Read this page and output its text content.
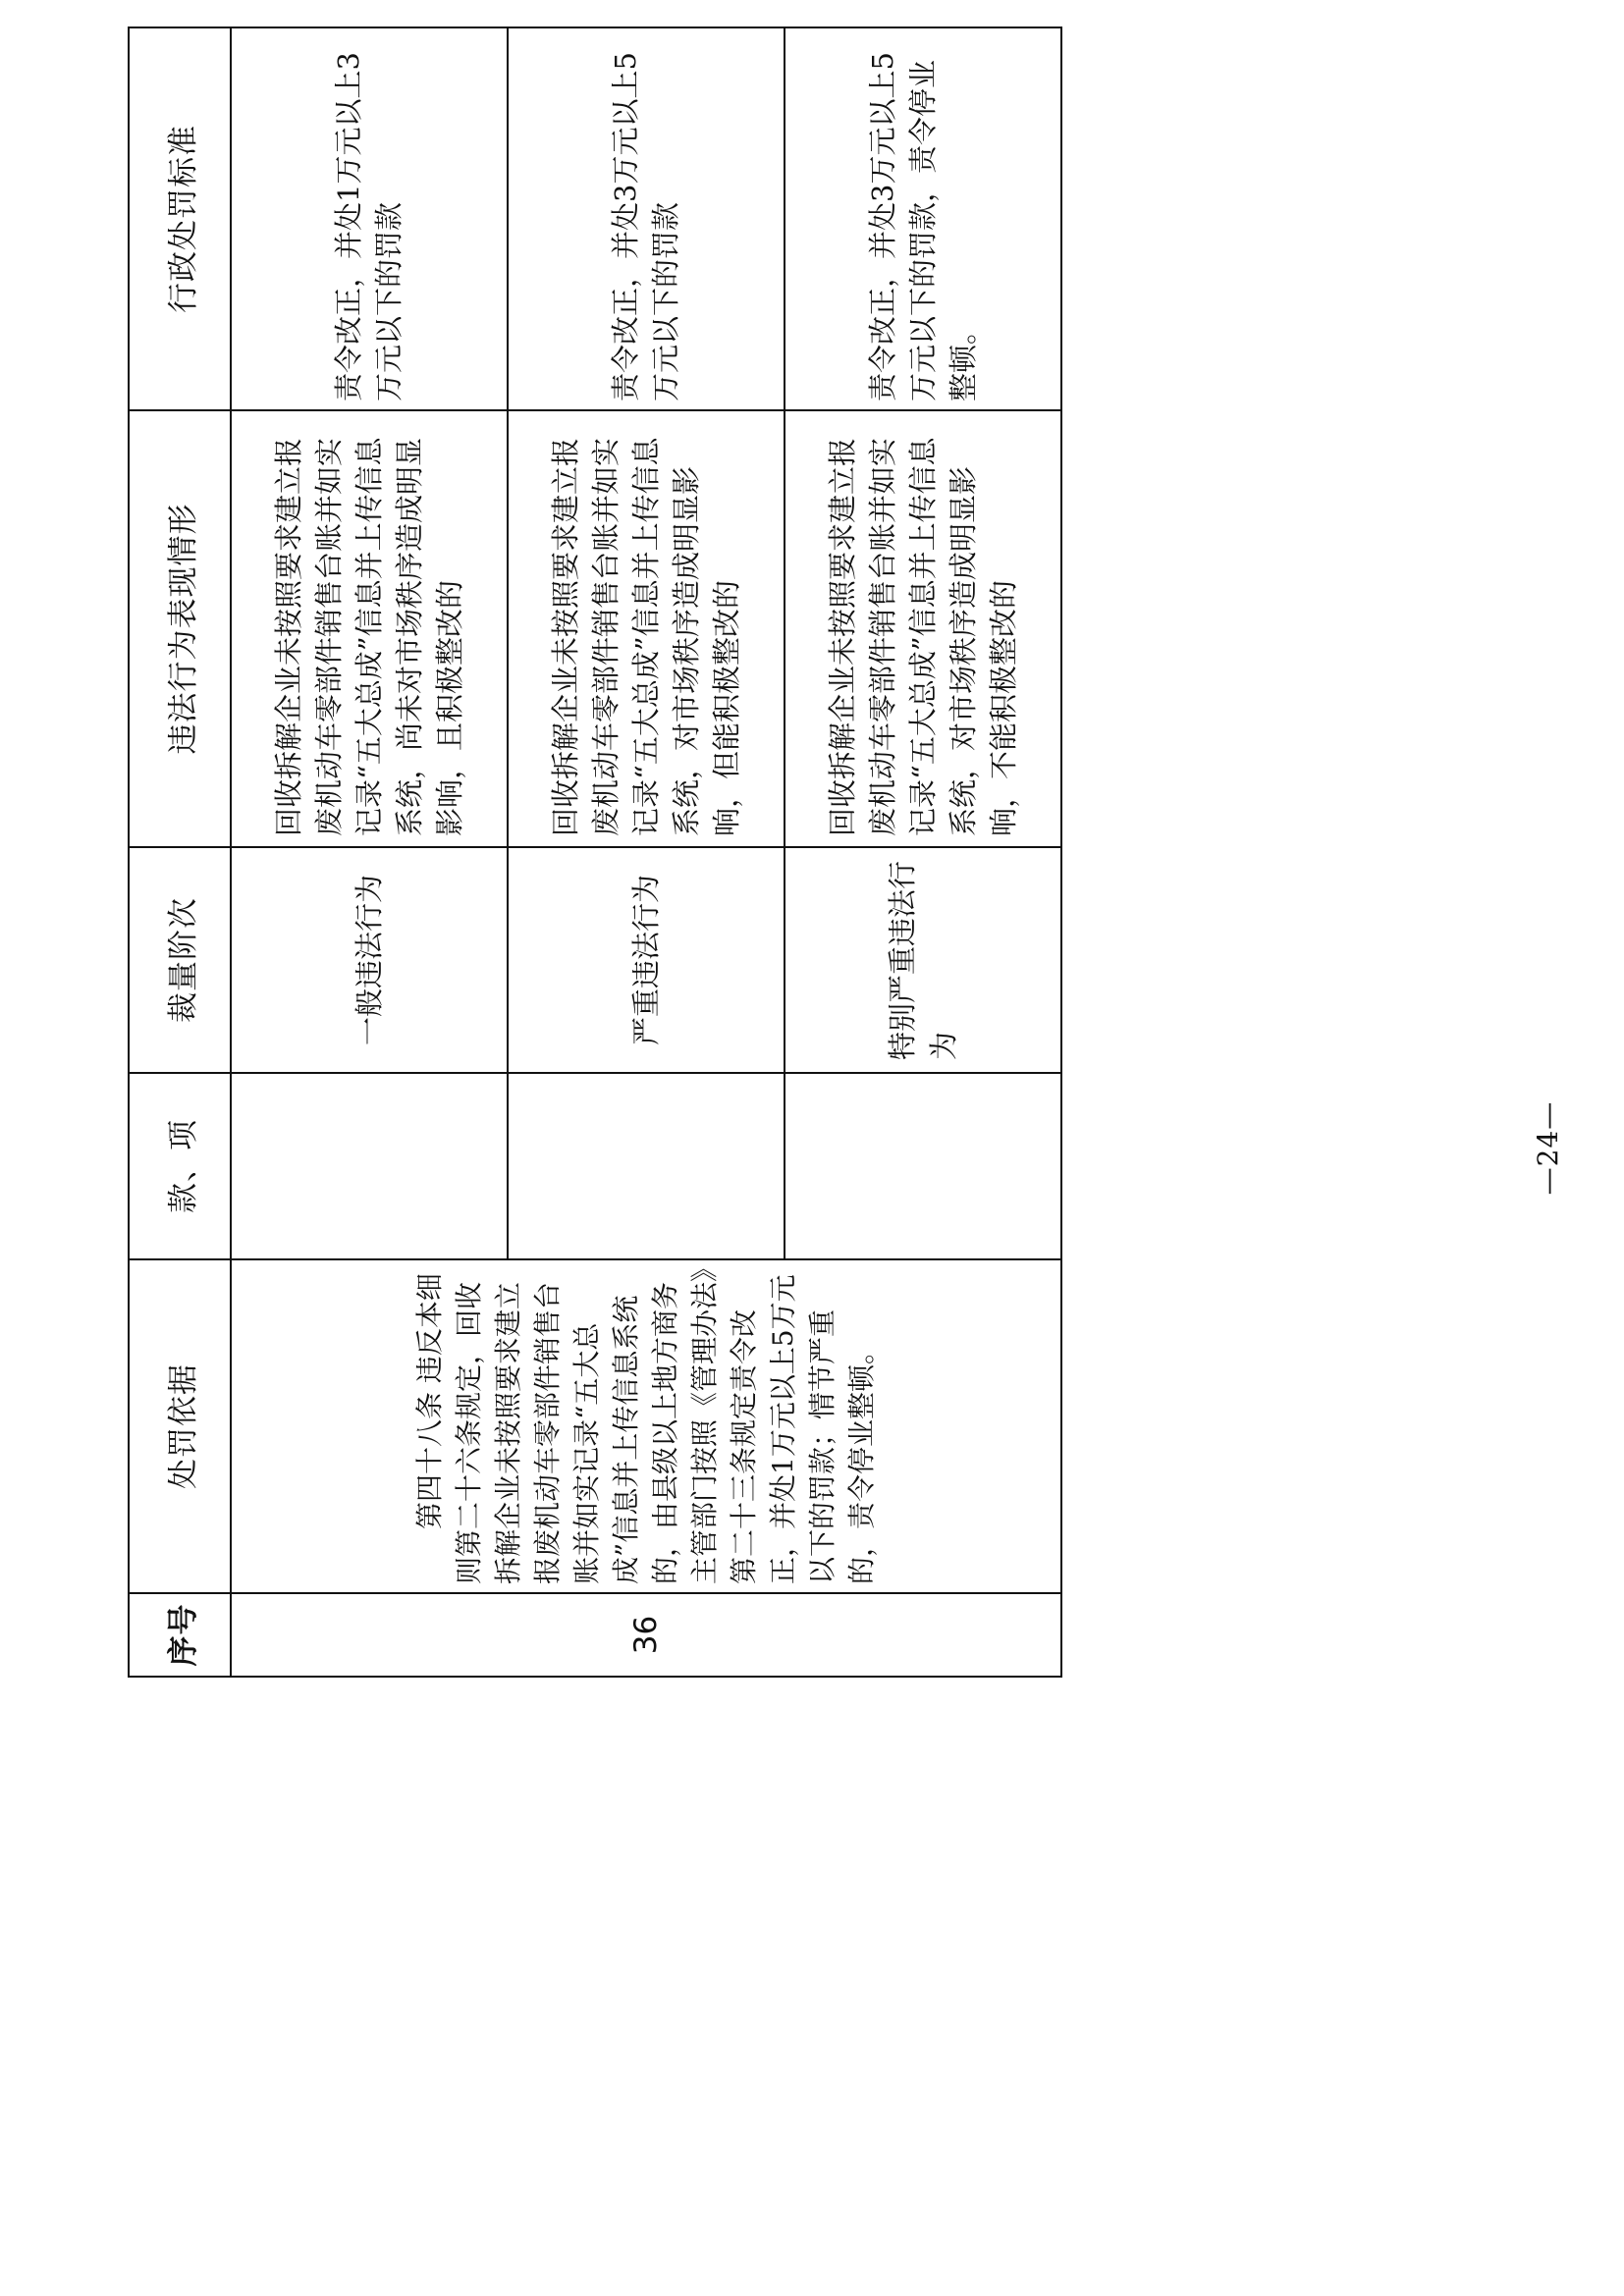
序号	处罚依据	款、项	裁量阶次	违法行为表现情形	行政处罚标准

36	第四十八条 违反本细则第二十六条规定，回收拆解企业未按照要求建立报废机动车零部件销售台账并如实记录“五大总成”信息并上传信息系统的，由县级以上地方商务主管部门按照《管理办法》第二十三条规定责令改正，并处1万元以上5万元以下的罚款；情节严重的，责令停业整顿。		一般违法行为	回收拆解企业未按照要求建立报废机动车零部件销售台账并如实记录“五大总成”信息并上传信息系统，尚未对市场秩序造成明显影响，且积极整改的	责令改正，并处1万元以上3万元以下的罚款

			严重违法行为	回收拆解企业未按照要求建立报废机动车零部件销售台账并如实记录“五大总成”信息并上传信息系统，对市场秩序造成明显影响，但能积极整改的	责令改正，并处3万元以上5万元以下的罚款

			特别严重违法行为	回收拆解企业未按照要求建立报废机动车零部件销售台账并如实记录“五大总成”信息并上传信息系统，对市场秩序造成明显影响，不能积极整改的	责令改正，并处3万元以上5万元以下的罚款，责令停业整顿。
—24—
